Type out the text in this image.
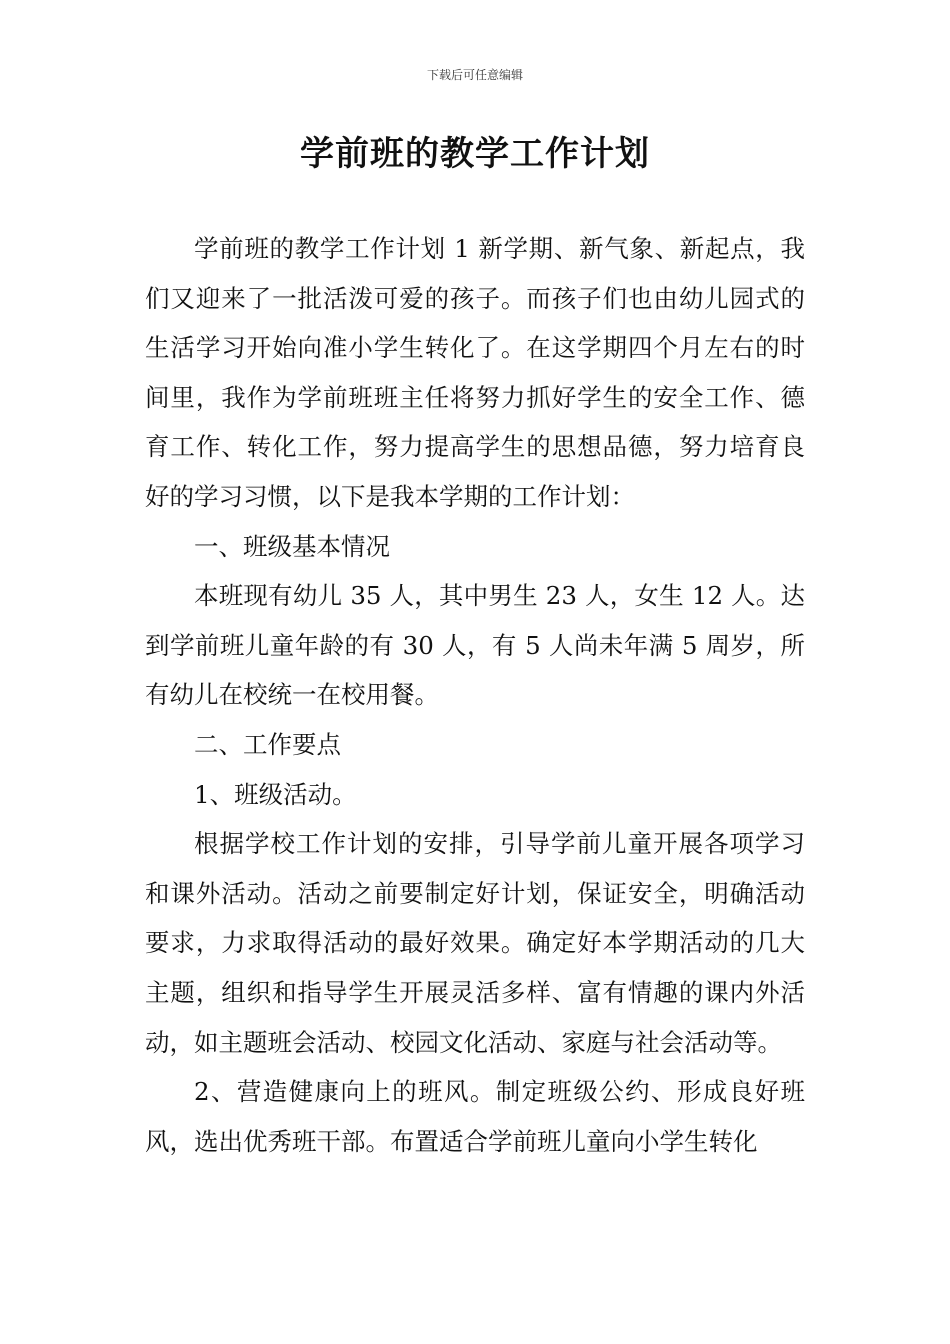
下载后可任意编辑
学前班的教学工作计划

学前班的教学工作计划 1 新学期、新气象、新起点，我们又迎来了一批活泼可爱的孩子。而孩子们也由幼儿园式的生活学习开始向准小学生转化了。在这学期四个月左右的时间里，我作为学前班班主任将努力抓好学生的安全工作、德育工作、转化工作，努力提高学生的思想品德，努力培育良好的学习习惯，以下是我本学期的工作计划：

一、班级基本情况

本班现有幼儿 35 人，其中男生 23 人，女生 12 人。达到学前班儿童年龄的有 30 人，有 5 人尚未年满 5 周岁，所有幼儿在校统一在校用餐。

二、工作要点

1、班级活动。

根据学校工作计划的安排，引导学前儿童开展各项学习和课外活动。活动之前要制定好计划，保证安全，明确活动要求，力求取得活动的最好效果。确定好本学期活动的几大主题，组织和指导学生开展灵活多样、富有情趣的课内外活动，如主题班会活动、校园文化活动、家庭与社会活动等。

2、营造健康向上的班风。制定班级公约、形成良好班风，选出优秀班干部。布置适合学前班儿童向小学生转化
